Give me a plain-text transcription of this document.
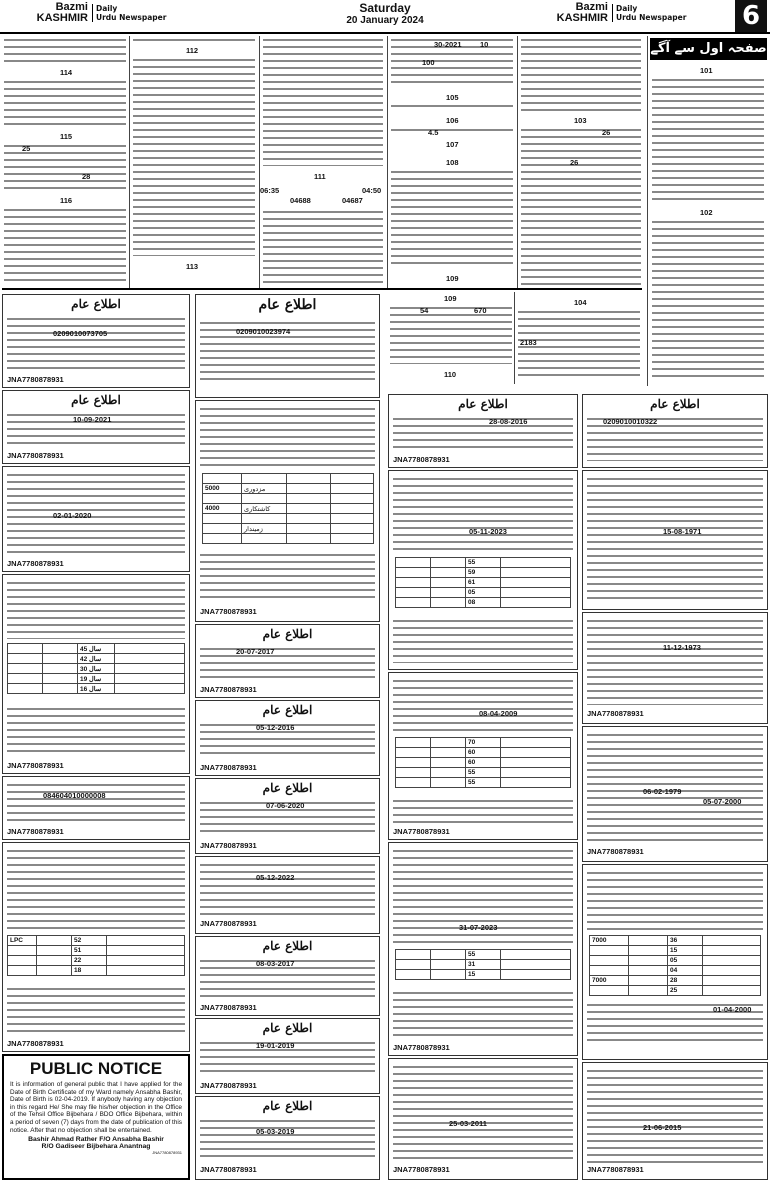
Bazmi
KASHMIR
Daily
Urdu Newspaper
Saturday
20 January 2024
Bazmi
KASHMIR
Daily
Urdu Newspaper 6
114
115
25
28
116
112
113
111
04:50
06:35
04688	04687
30-2021 10
100
105
106
4.5
107
108
109
103
26
26
109
670
54
110
104
2183
صفحہ اول سے آگے
101
102
اطلاع عام
020901007370​5
JNA7780878931
اطلاع عام
10-09-2021
JNA7780878931
02-01-2020
JNA7780878931
		45 سال	
		42 سال	
		30 سال	
		19 سال	
		16 سال	
JNA7780878931
084604010000008
JNA7780878931
LPC		52	
		51	
		22	
		18	
JNA7780878931
PUBLIC NOTICE
It is information of general public that I have applied for the Date of Birth Certificate of my Ward namely Ansabha Bashir, Date of Birth is 02-04-2019. If anybody having any objection in this regard He/ She may file his/her objection in the Office of the Tehsil Office Bijbehara / BDO Office Bijbehara, within a period of seven (7) days from the date of publication of this notice. After that no objection shall be entertained.
Bashir Ahmad Rather F/O Ansabha Bashir
R/O Gadiseer Bijbehara Anantnag
JNA7780878931
اطلاع عام
020901002397​4

5000	مزدوری		

4000	کاشتکاری		

	زمیندار		

JNA7780878931
اطلاع عام
20-07-2017
JNA7780878931
اطلاع عام
05-12-2016
JNA7780878931
اطلاع عام
07-06-2020
JNA7780878931
05-12-2022
JNA7780878931
اطلاع عام
08-03-2017
JNA7780878931
اطلاع عام
19-01-2019
JNA7780878931
اطلاع عام
05-03-2019
JNA7780878931
اطلاع عام
28-08-2016
JNA7780878931
05-11-2023
		55	
		59	
		61	
		05	
		08	
08-04-2009
		70	
		60	
		60	
		55	
		55	
JNA7780878931
31-07-2023
		55	
		31	
		15	
JNA7780878931
25-03-2011
JNA7780878931
اطلاع عام
020901001032​2
15-08-1971
11-12-1973
JNA7780878931
06-02-1979
05-07-2000
JNA7780878931
7000		36	
		15	
		05	
		04	
7000		28	
		25	
01-04-2000
21-06-2015
JNA7780878931
